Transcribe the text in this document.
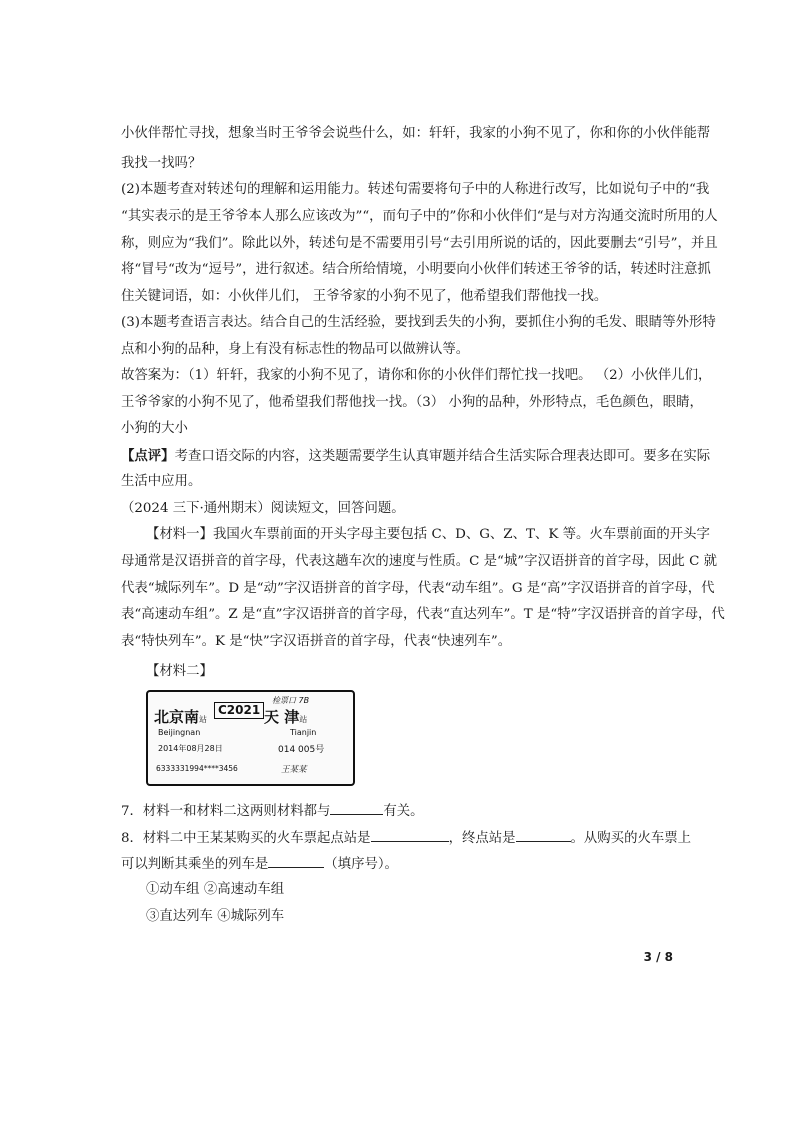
小伙伴帮忙寻找，想象当时王爷爷会说些什么，如：轩轩，我家的小狗不见了，你和你的小伙伴能帮
我找一找吗？
(2)本题考查对转述句的理解和运用能力。转述句需要将句子中的人称进行改写，比如说句子中的“我
“其实表示的是王爷爷本人那么应该改为”“，而句子中的”你和小伙伴们“是与对方沟通交流时所用的人
称，则应为“我们”。除此以外，转述句是不需要用引号“去引用所说的话的，因此要删去“引号”，并且
将“冒号“改为“逗号”，进行叙述。结合所给情境，小明要向小伙伴们转述王爷爷的话，转述时注意抓
住关键词语，如：小伙伴儿们， 王爷爷家的小狗不见了，他希望我们帮他找一找。
(3)本题考查语言表达。结合自己的生活经验，要找到丢失的小狗，要抓住小狗的毛发、眼睛等外形特
点和小狗的品种，身上有没有标志性的物品可以做辨认等。
故答案为：（1）轩轩，我家的小狗不见了，请你和你的小伙伴们帮忙找一找吧。 （2）小伙伴儿们，
王爷爷家的小狗不见了，他希望我们帮他找一找。（3） 小狗的品种，外形特点，毛色颜色，眼睛，
小狗的大小
【点评】考查口语交际的内容，这类题需要学生认真审题并结合生活实际合理表达即可。要多在实际
生活中应用。
（2024 三下·通州期末）阅读短文，回答问题。
【材料一】我国火车票前面的开头字母主要包括 C、D、G、Z、T、K 等。火车票前面的开头字
母通常是汉语拼音的首字母，代表这趟车次的速度与性质。C 是“城”字汉语拼音的首字母，因此 C 就
代表“城际列车”。D 是“动”字汉语拼音的首字母，代表“动车组”。G 是“高”字汉语拼音的首字母，代
表“高速动车组”。Z 是“直”字汉语拼音的首字母，代表“直达列车”。T 是“特”字汉语拼音的首字母，代
表“特快列车”。K 是“快”字汉语拼音的首字母，代表“快速列车”。
【材料二】
检票口 7B
北京南站
C2021 天 津站
Beijingnan	Tianjin
2014年08月28日	014 005号
6333331994****3456	王某某
7．材料一和材料二这两则材料都与	有关。
8．材料二中王某某购买的火车票起点站是	，终点站是	。从购买的火车票上
可以判断其乘坐的列车是	（填序号）。
①动车组 ②高速动车组
③直达列车 ④城际列车
3 / 8
